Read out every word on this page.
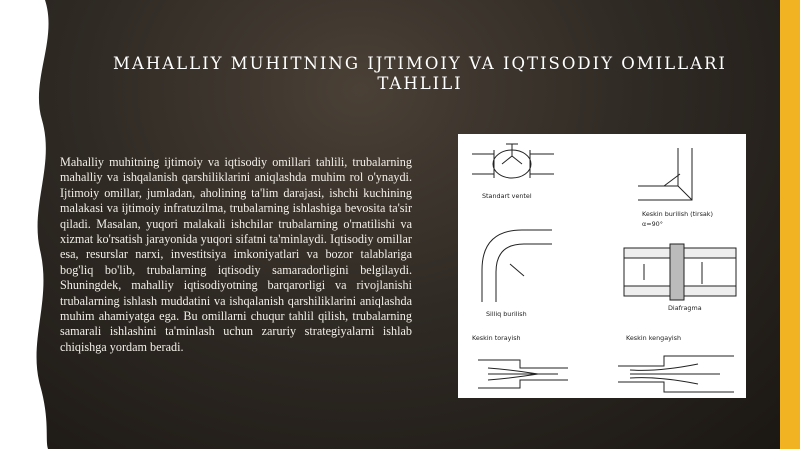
MAHALLIY MUHITNING IJTIMOIY VA IQTISODIY OMILLARI TAHLILI

Mahalliy muhitning ijtimoiy va iqtisodiy omillari tahlili, trubalarning mahalliy va ishqalanish qarshiliklarini aniqlashda muhim rol o'ynaydi. Ijtimoiy omillar, jumladan, aholining ta'lim darajasi, ishchi kuchining malakasi va ijtimoiy infratuzilma, trubalarning ishlashiga bevosita ta'sir qiladi. Masalan, yuqori malakali ishchilar trubalarning o'rnatilishi va xizmat ko'rsatish jarayonida yuqori sifatni ta'minlaydi. Iqtisodiy omillar esa, resurslar narxi, investitsiya imkoniyatlari va bozor talablariga bog'liq bo'lib, trubalarning iqtisodiy samaradorligini belgilaydi. Shuningdek, mahalliy iqtisodiyotning barqarorligi va rivojlanishi trubalarning ishlash muddatini va ishqalanish qarshiliklarini aniqlashda muhim ahamiyatga ega. Bu omillarni chuqur tahlil qilish, trubalarning samarali ishlashini ta'minlash uchun zaruriy strategiyalarni ishlab chiqishga yordam beradi.

Standart ventel
Keskin burilish (tirsak)
α=90°
Silliq burilish
Diafragma
Keskin torayish	Keskin kengayish
